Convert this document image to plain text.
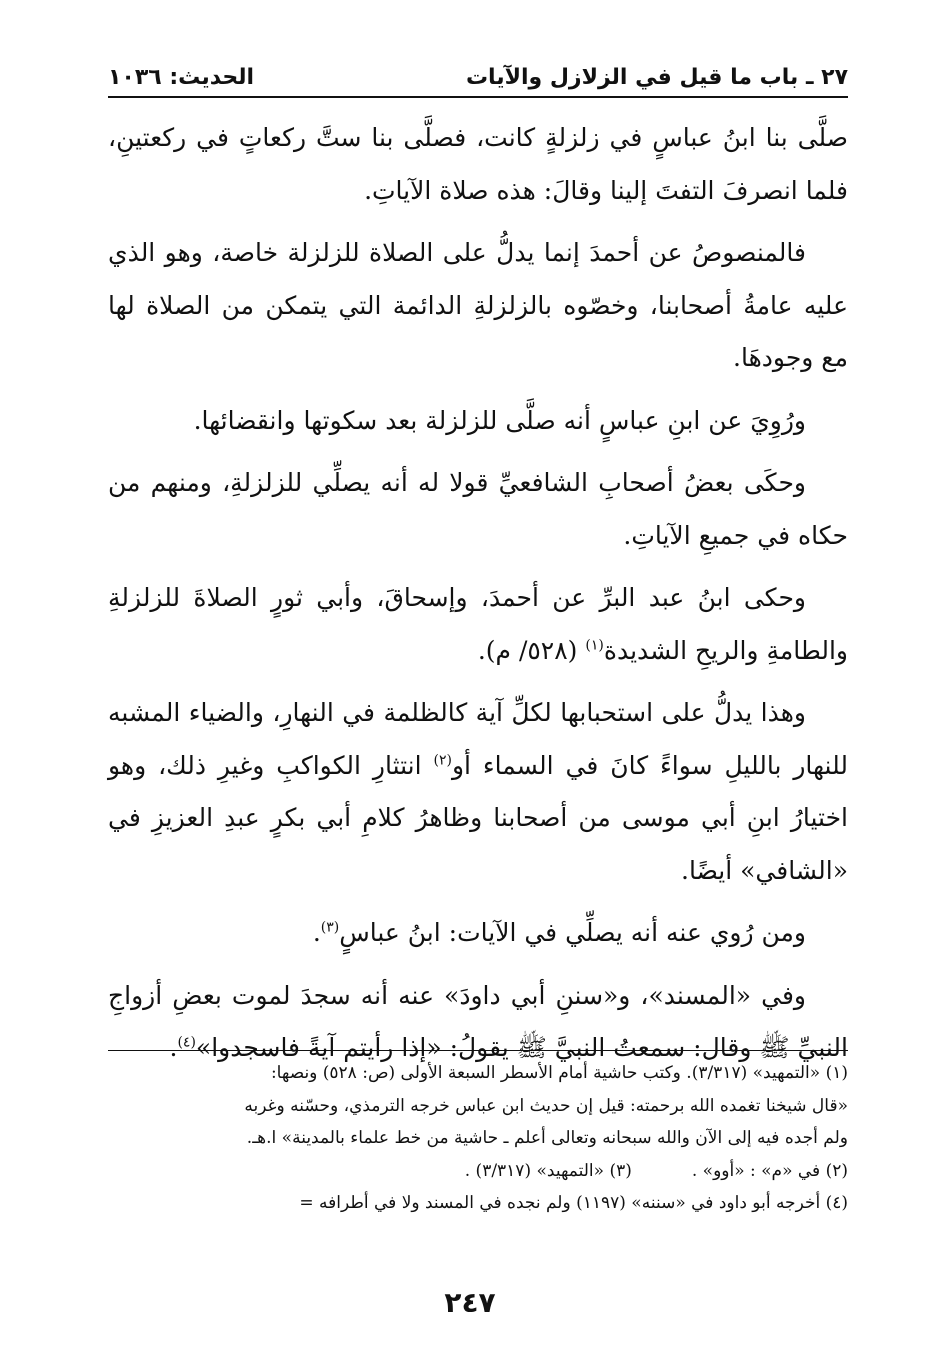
٢٧ ـ باب ما قيل في الزلازل والآيات
الحديث: ١٠٣٦

صلَّى بنا ابنُ عباسٍ في زلزلةٍ كانت، فصلَّى بنا ستَّ ركعاتٍ في ركعتينِ، فلما انصرفَ التفتَ إلينا وقالَ: هذه صلاة الآياتِ.

فالمنصوصُ عن أحمدَ إنما يدلُّ على الصلاة للزلزلة خاصة، وهو الذي عليه عامةُ أصحابنا، وخصّوه بالزلزلةِ الدائمة التي يتمكن من الصلاة لها مع وجودهَا.

ورُوِيَ عن ابنِ عباسٍ أنه صلَّى للزلزلة بعد سكوتها وانقضائها.

وحكَى بعضُ أصحابِ الشافعيِّ قولا له أنه يصلِّي للزلزلةِ، ومنهم من حكاه في جميعِ الآياتِ.

وحكى ابنُ عبد البرِّ عن أحمدَ، وإسحاقَ، وأبي ثورٍ الصلاةَ للزلزلةِ والطامةِ والريحِ الشديدة$^{(١)}$ (٥٢٨/ م).

وهذا يدلُّ على استحبابها لكلِّ آية كالظلمة في النهارِ، والضياء المشبه للنهار بالليلِ سواءً كانَ في السماء أو$^{(٢)}$ انتثارِ الكواكبِ وغيرِ ذلك، وهو اختيارُ ابنِ أبي موسى من أصحابنا وظاهرُ كلامِ أبي بكرٍ عبدِ العزيزِ في «الشافي» أيضًا.

ومن رُوي عنه أنه يصلِّي في الآيات: ابنُ عباسٍ$^{(٣)}$.

وفي «المسند»، و«سننِ أبي داودَ» عنه أنه سجدَ لموت بعضِ أزواجِ النبيِّ ﷺ وقال: سمعتُ النبيَّ ﷺ يقولُ: «إذا رأيتم آيةً فاسجدوا»$^{(٤)}$.

(١) «التمهيد» (٣/٣١٧). وكتب حاشية أمام الأسطر السبعة الأولى (ص: ٥٢٨) ونصها:

«قال شيخنا تغمده الله برحمته: قيل إن حديث ابن عباس خرجه الترمذي، وحسّنه وغربه

ولم أجده فيه إلى الآن والله سبحانه وتعالى أعلم ـ حاشية من خط علماء بالمدينة» ا.هـ.

(٢) في «م» : «أوو» .
(٣) «التمهيد» (٣/٣١٧) .

(٤) أخرجه أبو داود في «سننه» (١١٩٧) ولم نجده في المسند ولا في أطرافه =

٢٤٧
